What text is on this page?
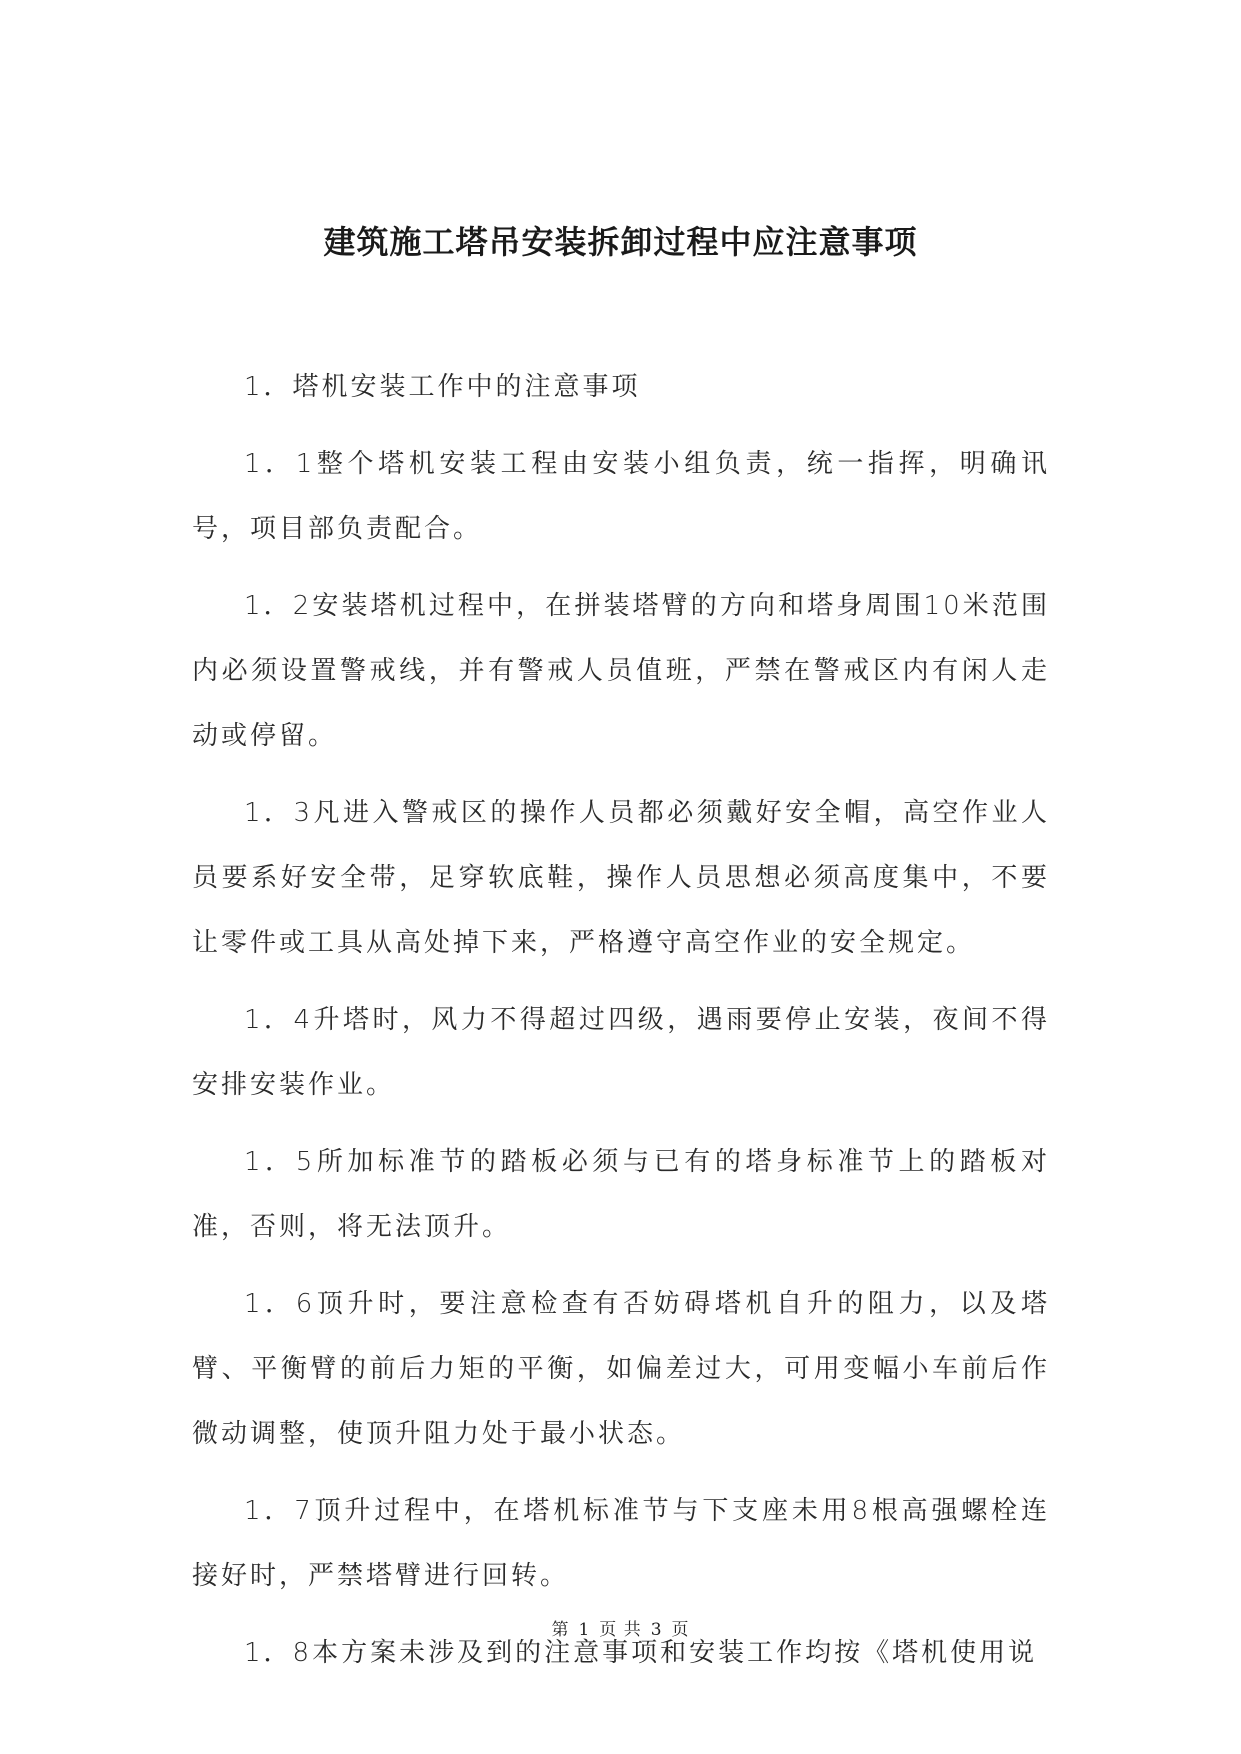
建筑施工塔吊安装拆卸过程中应注意事项

1．塔机安装工作中的注意事项

1．1整个塔机安装工程由安装小组负责，统一指挥，明确讯号，项目部负责配合。

1．2安装塔机过程中，在拼装塔臂的方向和塔身周围10米范围内必须设置警戒线，并有警戒人员值班，严禁在警戒区内有闲人走动或停留。

1．3凡进入警戒区的操作人员都必须戴好安全帽，高空作业人员要系好安全带，足穿软底鞋，操作人员思想必须高度集中，不要让零件或工具从高处掉下来，严格遵守高空作业的安全规定。

1．4升塔时，风力不得超过四级，遇雨要停止安装，夜间不得安排安装作业。

1．5所加标准节的踏板必须与已有的塔身标准节上的踏板对准，否则，将无法顶升。

1．6顶升时，要注意检查有否妨碍塔机自升的阻力，以及塔臂、平衡臂的前后力矩的平衡，如偏差过大，可用变幅小车前后作微动调整，使顶升阻力处于最小状态。

1．7顶升过程中，在塔机标准节与下支座未用8根高强螺栓连接好时，严禁塔臂进行回转。

1．8本方案未涉及到的注意事项和安装工作均按《塔机使用说

第 1 页 共 3 页
